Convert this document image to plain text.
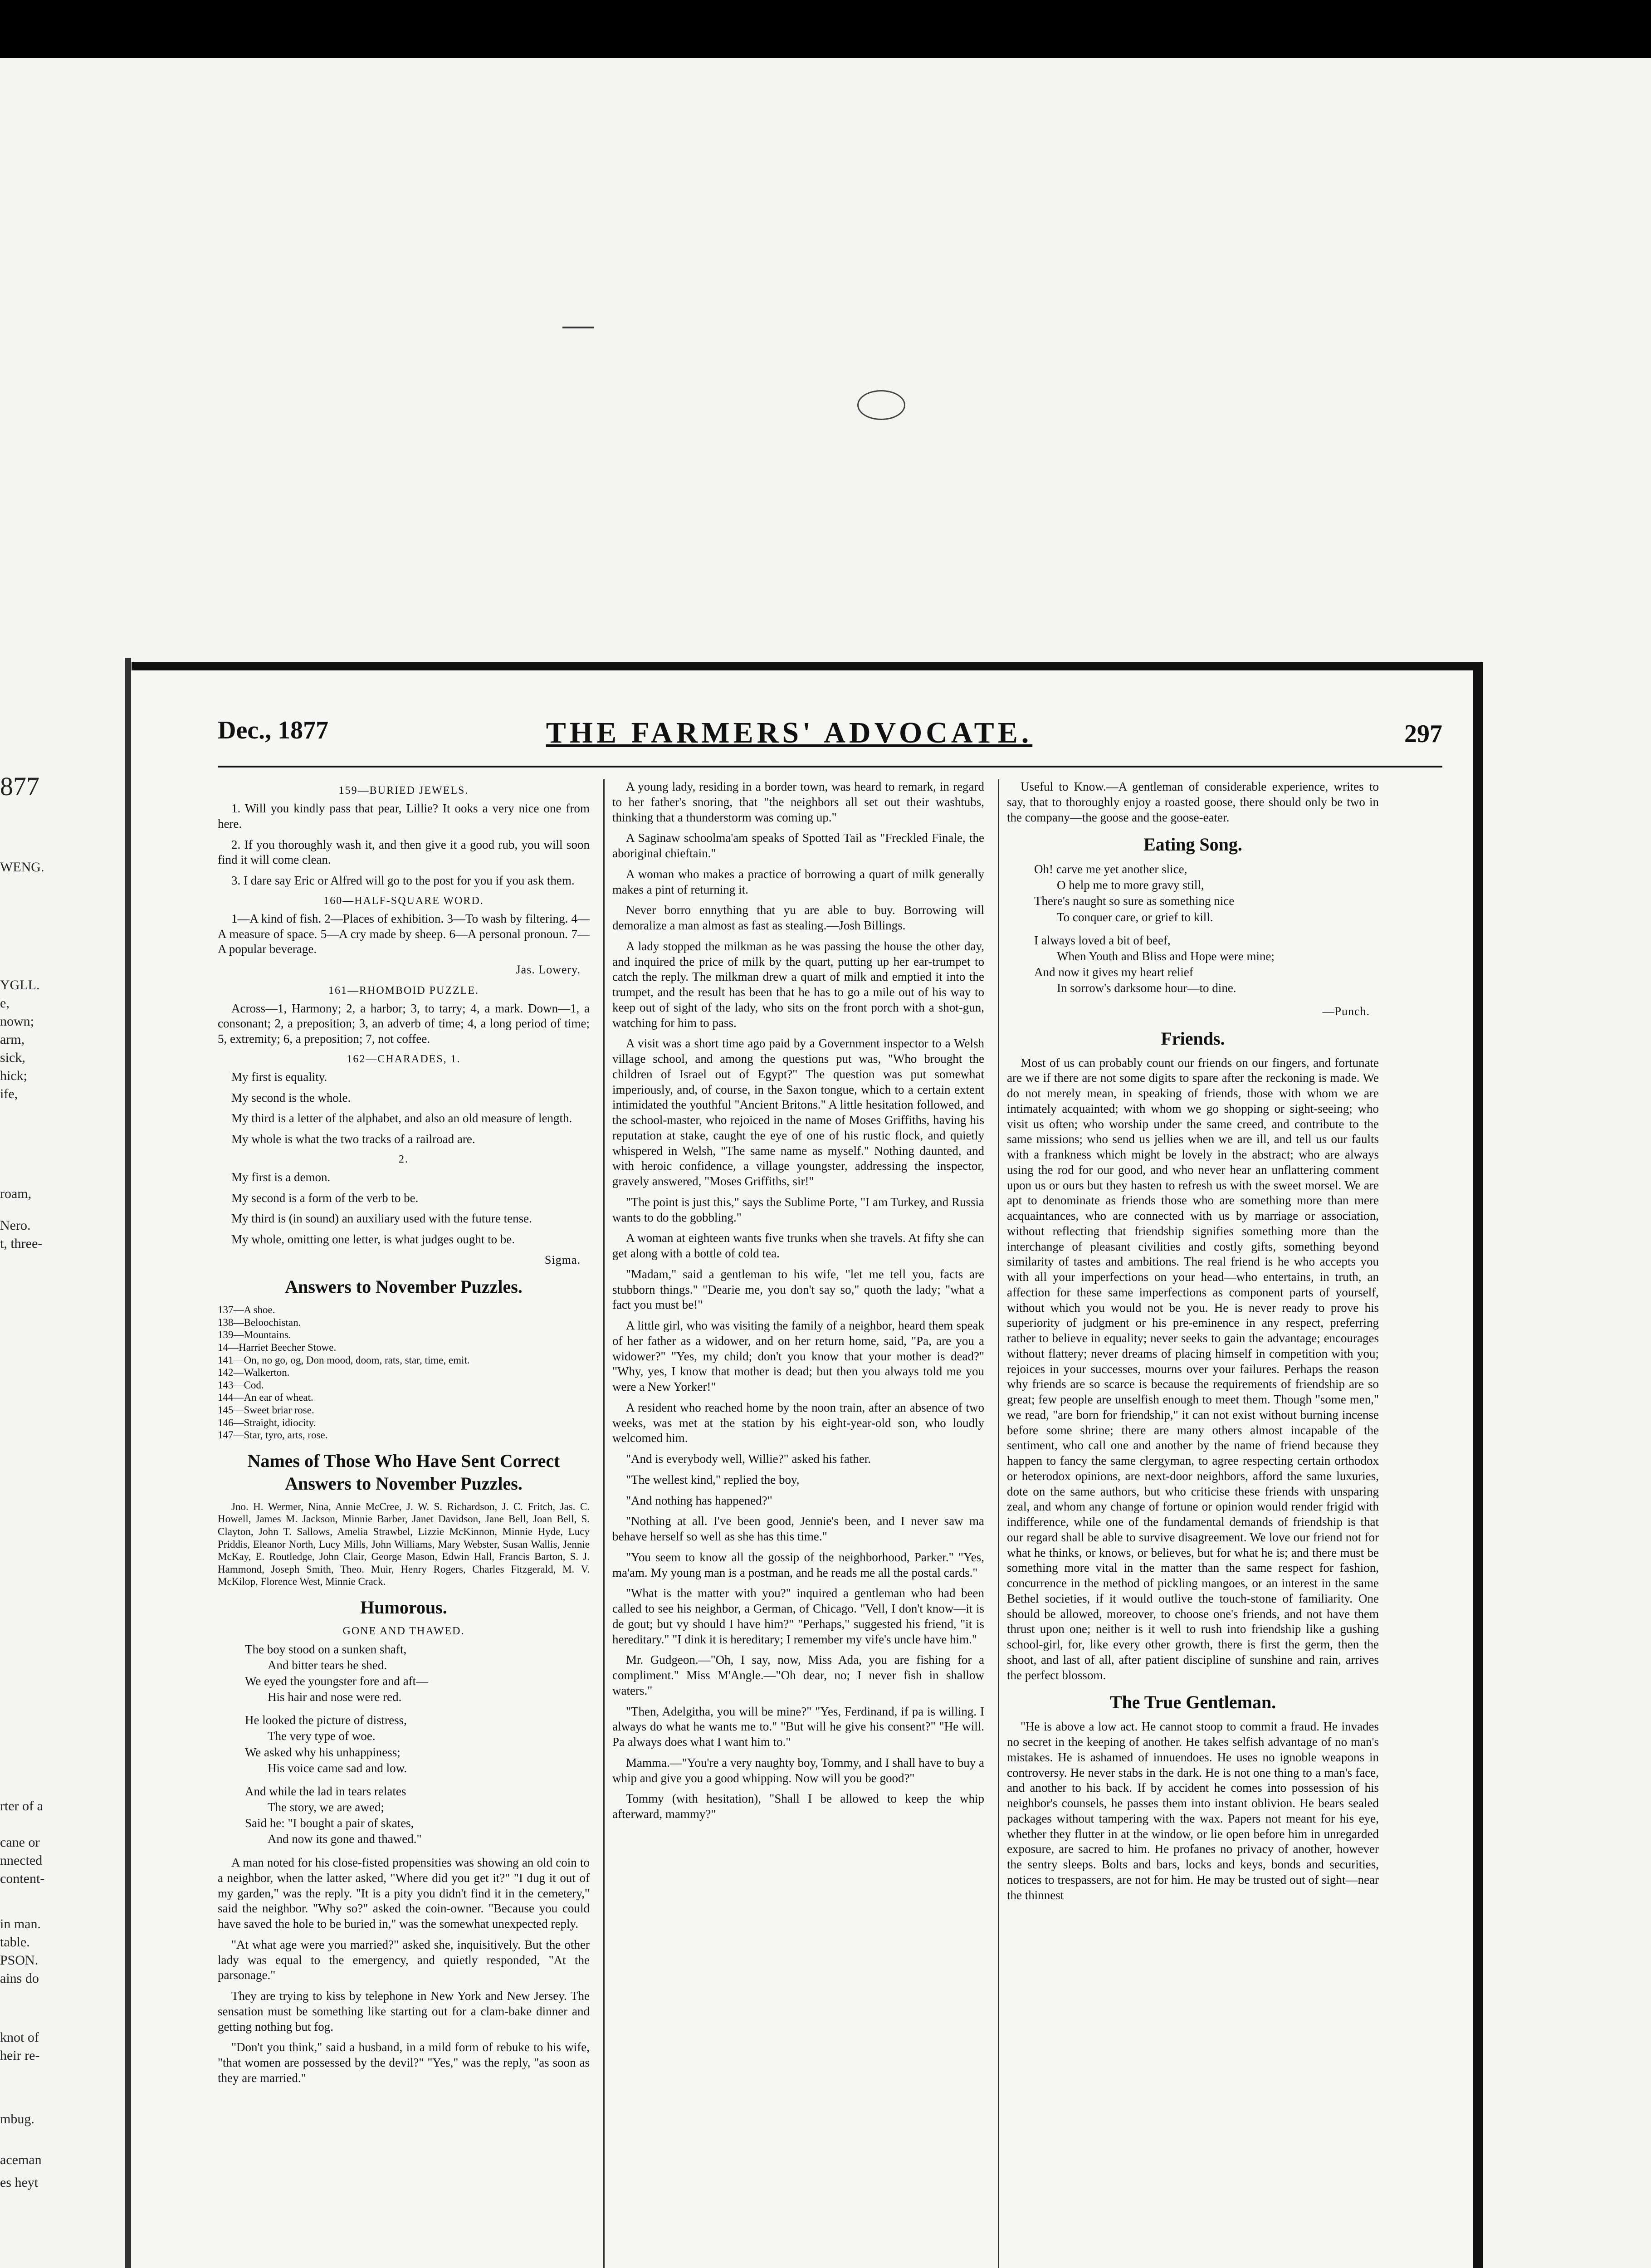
877
WENG.
YGLL.
e,
nown;
arm,
sick,
hick;
ife,
roam,
Nero.
t, three-
rter of a
cane or
nnected
content-
in man.
table.
PSON.
ains do
knot of
heir re-
mbug.
aceman
es heyt
Dec., 1877	THE FARMERS' ADVOCATE.	297
159—BURIED JEWELS.

1. Will you kindly pass that pear, Lillie? It ooks a very nice one from here.

2. If you thoroughly wash it, and then give it a good rub, you will soon find it will come clean.

3. I dare say Eric or Alfred will go to the post for you if you ask them.

160—HALF-SQUARE WORD.

1—A kind of fish. 2—Places of exhibition. 3—To wash by filtering. 4—A measure of space. 5—A cry made by sheep. 6—A personal pronoun. 7—A popular beverage.

Jas. Lowery.
161—RHOMBOID PUZZLE.

Across—1, Harmony; 2, a harbor; 3, to tarry; 4, a mark. Down—1, a consonant; 2, a preposition; 3, an adverb of time; 4, a long period of time; 5, extremity; 6, a preposition; 7, not coffee.

162—CHARADES, 1.

My first is equality.

My second is the whole.

My third is a letter of the alphabet, and also an old measure of length.

My whole is what the two tracks of a railroad are.

2.

My first is a demon.

My second is a form of the verb to be.

My third is (in sound) an auxiliary used with the future tense.

My whole, omitting one letter, is what judges ought to be.

Sigma.
Answers to November Puzzles.
137—A shoe.
138—Beloochistan.
139—Mountains.
14—Harriet Beecher Stowe.
141—On, no go, og, Don mood, doom, rats, star, time, emit.
142—Walkerton.
143—Cod.
144—An ear of wheat.
145—Sweet briar rose.
146—Straight, idiocity.
147—Star, tyro, arts, rose.
Names of Those Who Have Sent Correct Answers to November Puzzles.

Jno. H. Wermer, Nina, Annie McCree, J. W. S. Richardson, J. C. Fritch, Jas. C. Howell, James M. Jackson, Minnie Barber, Janet Davidson, Jane Bell, Joan Bell, S. Clayton, John T. Sallows, Amelia Strawbel, Lizzie McKinnon, Minnie Hyde, Lucy Priddis, Eleanor North, Lucy Mills, John Williams, Mary Webster, Susan Wallis, Jennie McKay, E. Routledge, John Clair, George Mason, Edwin Hall, Francis Barton, S. J. Hammond, Joseph Smith, Theo. Muir, Henry Rogers, Charles Fitzgerald, M. V. McKilop, Florence West, Minnie Crack.

Humorous.
GONE AND THAWED.
The boy stood on a sunken shaft,
And bitter tears he shed.
We eyed the youngster fore and aft—
His hair and nose were red.
He looked the picture of distress,
The very type of woe.
We asked why his unhappiness;
His voice came sad and low.
And while the lad in tears relates
The story, we are awed;
Said he: "I bought a pair of skates,
And now its gone and thawed."

A man noted for his close-fisted propensities was showing an old coin to a neighbor, when the latter asked, "Where did you get it?" "I dug it out of my garden," was the reply. "It is a pity you didn't find it in the cemetery," said the neighbor. "Why so?" asked the coin-owner. "Because you could have saved the hole to be buried in," was the somewhat unexpected reply.

"At what age were you married?" asked she, inquisitively. But the other lady was equal to the emergency, and quietly responded, "At the parsonage."

They are trying to kiss by telephone in New York and New Jersey. The sensation must be something like starting out for a clam-bake dinner and getting nothing but fog.

"Don't you think," said a husband, in a mild form of rebuke to his wife, "that women are possessed by the devil?" "Yes," was the reply, "as soon as they are married."

A young lady, residing in a border town, was heard to remark, in regard to her father's snoring, that "the neighbors all set out their washtubs, thinking that a thunderstorm was coming up."

A Saginaw schoolma'am speaks of Spotted Tail as "Freckled Finale, the aboriginal chieftain."

A woman who makes a practice of borrowing a quart of milk generally makes a pint of returning it.

Never borro ennything that yu are able to buy. Borrowing will demoralize a man almost as fast as stealing.—Josh Billings.

A lady stopped the milkman as he was passing the house the other day, and inquired the price of milk by the quart, putting up her ear-trumpet to catch the reply. The milkman drew a quart of milk and emptied it into the trumpet, and the result has been that he has to go a mile out of his way to keep out of sight of the lady, who sits on the front porch with a shot-gun, watching for him to pass.

A visit was a short time ago paid by a Government inspector to a Welsh village school, and among the questions put was, "Who brought the children of Israel out of Egypt?" The question was put somewhat imperiously, and, of course, in the Saxon tongue, which to a certain extent intimidated the youthful "Ancient Britons." A little hesitation followed, and the school-master, who rejoiced in the name of Moses Griffiths, having his reputation at stake, caught the eye of one of his rustic flock, and quietly whispered in Welsh, "The same name as myself." Nothing daunted, and with heroic confidence, a village youngster, addressing the inspector, gravely answered, "Moses Griffiths, sir!"

"The point is just this," says the Sublime Porte, "I am Turkey, and Russia wants to do the gobbling."

A woman at eighteen wants five trunks when she travels. At fifty she can get along with a bottle of cold tea.

"Madam," said a gentleman to his wife, "let me tell you, facts are stubborn things." "Dearie me, you don't say so," quoth the lady; "what a fact you must be!"

A little girl, who was visiting the family of a neighbor, heard them speak of her father as a widower, and on her return home, said, "Pa, are you a widower?" "Yes, my child; don't you know that your mother is dead?" "Why, yes, I know that mother is dead; but then you always told me you were a New Yorker!"

A resident who reached home by the noon train, after an absence of two weeks, was met at the station by his eight-year-old son, who loudly welcomed him.

"And is everybody well, Willie?" asked his father.

"The wellest kind," replied the boy,

"And nothing has happened?"

"Nothing at all. I've been good, Jennie's been, and I never saw ma behave herself so well as she has this time."

"You seem to know all the gossip of the neighborhood, Parker." "Yes, ma'am. My young man is a postman, and he reads me all the postal cards."

"What is the matter with you?" inquired a gentleman who had been called to see his neighbor, a German, of Chicago. "Vell, I don't know—it is de gout; but vy should I have him?" "Perhaps," suggested his friend, "it is hereditary." "I dink it is hereditary; I remember my vife's uncle have him."

Mr. Gudgeon.—"Oh, I say, now, Miss Ada, you are fishing for a compliment." Miss M'Angle.—"Oh dear, no; I never fish in shallow waters."

"Then, Adelgitha, you will be mine?" "Yes, Ferdinand, if pa is willing. I always do what he wants me to." "But will he give his consent?" "He will. Pa always does what I want him to."

Mamma.—"You're a very naughty boy, Tommy, and I shall have to buy a whip and give you a good whipping. Now will you be good?"

Tommy (with hesitation), "Shall I be allowed to keep the whip afterward, mammy?"

Useful to Know.—A gentleman of considerable experience, writes to say, that to thoroughly enjoy a roasted goose, there should only be two in the company—the goose and the goose-eater.

Eating Song.
Oh! carve me yet another slice,
O help me to more gravy still,
There's naught so sure as something nice
To conquer care, or grief to kill.
I always loved a bit of beef,
When Youth and Bliss and Hope were mine;
And now it gives my heart relief
In sorrow's darksome hour—to dine.
—Punch.
Friends.

Most of us can probably count our friends on our fingers, and fortunate are we if there are not some digits to spare after the reckoning is made. We do not merely mean, in speaking of friends, those with whom we are intimately acquainted; with whom we go shopping or sight-seeing; who visit us often; who worship under the same creed, and contribute to the same missions; who send us jellies when we are ill, and tell us our faults with a frankness which might be lovely in the abstract; who are always using the rod for our good, and who never hear an unflattering comment upon us or ours but they hasten to refresh us with the sweet morsel. We are apt to denominate as friends those who are something more than mere acquaintances, who are connected with us by marriage or association, without reflecting that friendship signifies something more than the interchange of pleasant civilities and costly gifts, something beyond similarity of tastes and ambitions. The real friend is he who accepts you with all your imperfections on your head—who entertains, in truth, an affection for these same imperfections as component parts of yourself, without which you would not be you. He is never ready to prove his superiority of judgment or his pre-eminence in any respect, preferring rather to believe in equality; never seeks to gain the advantage; encourages without flattery; never dreams of placing himself in competition with you; rejoices in your successes, mourns over your failures. Perhaps the reason why friends are so scarce is because the requirements of friendship are so great; few people are unselfish enough to meet them. Though "some men," we read, "are born for friendship," it can not exist without burning incense before some shrine; there are many others almost incapable of the sentiment, who call one and another by the name of friend because they happen to fancy the same clergyman, to agree respecting certain orthodox or heterodox opinions, are next-door neighbors, afford the same luxuries, dote on the same authors, but who criticise these friends with unsparing zeal, and whom any change of fortune or opinion would render frigid with indifference, while one of the fundamental demands of friendship is that our regard shall be able to survive disagreement. We love our friend not for what he thinks, or knows, or believes, but for what he is; and there must be something more vital in the matter than the same respect for fashion, concurrence in the method of pickling mangoes, or an interest in the same Bethel societies, if it would outlive the touch-stone of familiarity. One should be allowed, moreover, to choose one's friends, and not have them thrust upon one; neither is it well to rush into friendship like a gushing school-girl, for, like every other growth, there is first the germ, then the shoot, and last of all, after patient discipline of sunshine and rain, arrives the perfect blossom.

The True Gentleman.

"He is above a low act. He cannot stoop to commit a fraud. He invades no secret in the keeping of another. He takes selfish advantage of no man's mistakes. He is ashamed of innuendoes. He uses no ignoble weapons in controversy. He never stabs in the dark. He is not one thing to a man's face, and another to his back. If by accident he comes into possession of his neighbor's counsels, he passes them into instant oblivion. He bears sealed packages without tampering with the wax. Papers not meant for his eye, whether they flutter in at the window, or lie open before him in unregarded exposure, are sacred to him. He profanes no privacy of another, however the sentry sleeps. Bolts and bars, locks and keys, bonds and securities, notices to trespassers, are not for him. He may be trusted out of sight—near the thinnest
